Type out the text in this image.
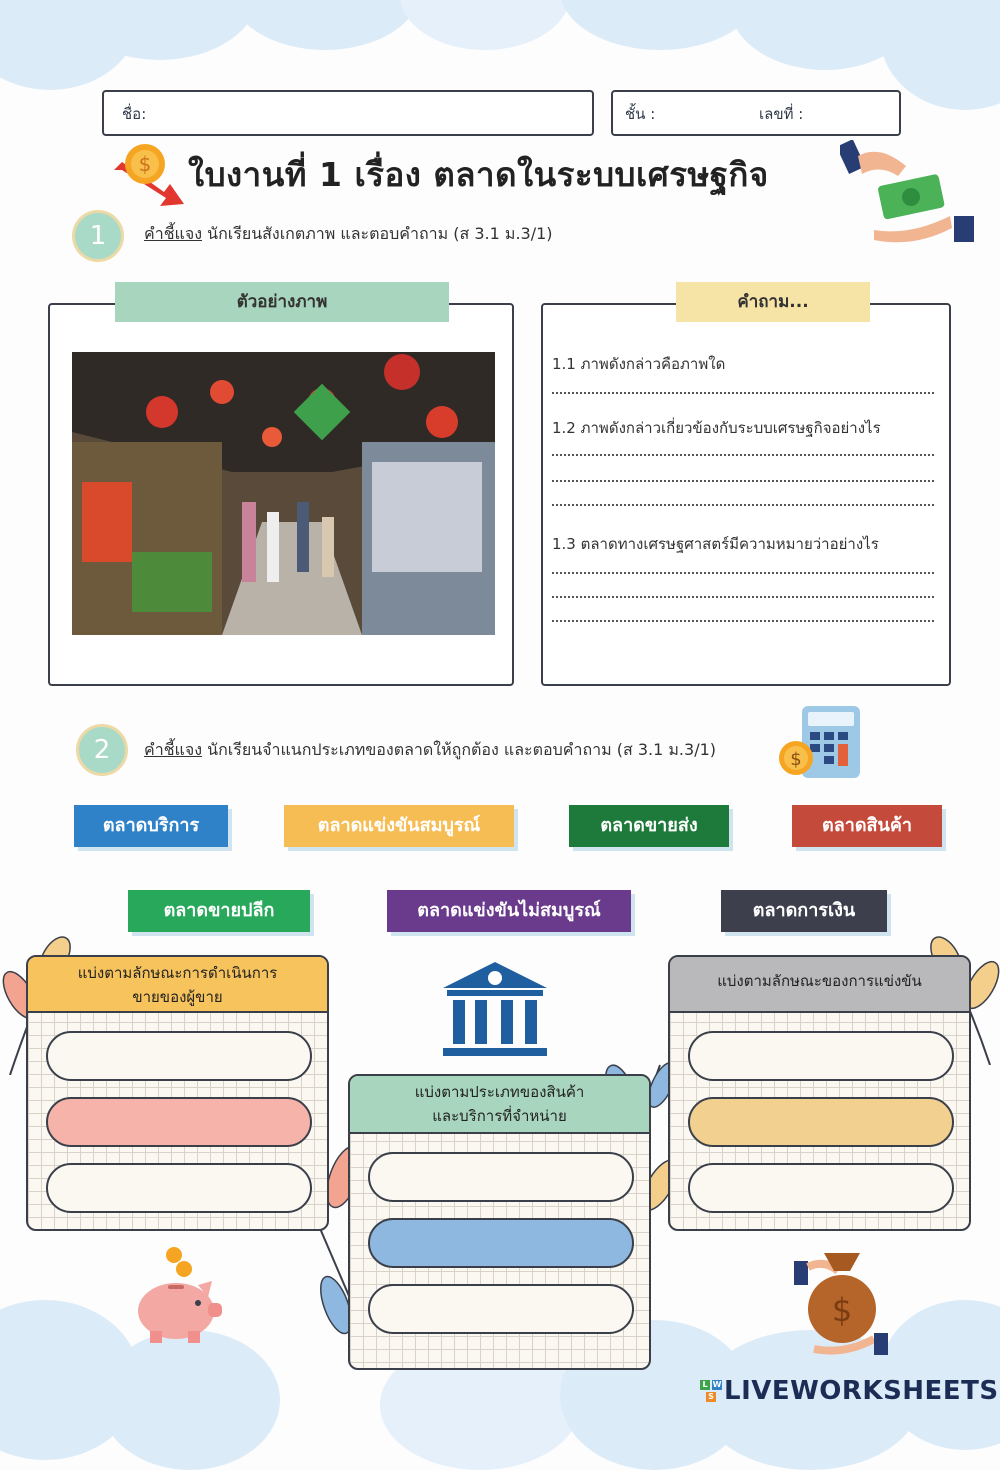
ชื่อ:	ชั้น :	เลขที่ :
$ ใบงานที่ 1 เรื่อง ตลาดในระบบเศรษฐกิจ
1	คำชี้แจง นักเรียนสังเกตภาพ และตอบคำถาม (ส 3.1 ม.3/1)
ตัวอย่างภาพ	คำถาม...
1.1 ภาพดังกล่าวคือภาพใด
1.2 ภาพดังกล่าวเกี่ยวข้องกับระบบเศรษฐกิจอย่างไร
1.3 ตลาดทางเศรษฐศาสตร์มีความหมายว่าอย่างไร
2	คำชี้แจง นักเรียนจำแนกประเภทของตลาดให้ถูกต้อง และตอบคำถาม (ส 3.1 ม.3/1)	$
ตลาดบริการ	ตลาดแข่งขันสมบูรณ์	ตลาดขายส่ง	ตลาดสินค้า
ตลาดขายปลีก	ตลาดแข่งขันไม่สมบูรณ์	ตลาดการเงิน
แบ่งตามลักษณะการดำเนินการ
ขายของผู้ขาย
แบ่งตามประเภทของสินค้า
และบริการที่จำหน่าย
แบ่งตามลักษณะของการแข่งขัน
$
L W
S LIVEWORKSHEETS
